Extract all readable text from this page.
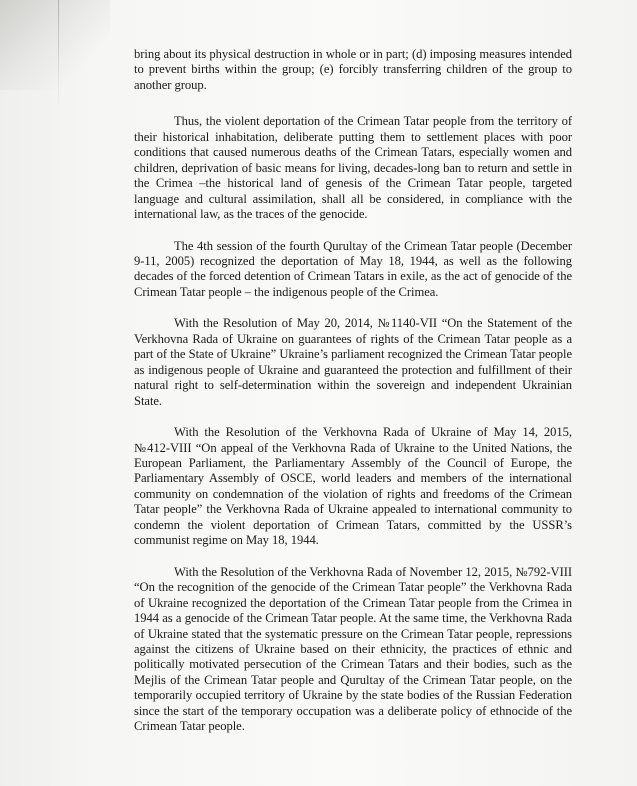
bring about its physical destruction in whole or in part; (d) imposing measures intended to prevent births within the group; (e) forcibly transferring children of the group to another group.

Thus, the violent deportation of the Crimean Tatar people from the territory of their historical inhabitation, deliberate putting them to settlement places with poor conditions that caused numerous deaths of the Crimean Tatars, especially women and children, deprivation of basic means for living, decades-long ban to return and settle in the Crimea –the historical land of genesis of the Crimean Tatar people, targeted language and cultural assimilation, shall all be considered, in compliance with the international law, as the traces of the genocide.

The 4th session of the fourth Qurultay of the Crimean Tatar people (December 9-11, 2005) recognized the deportation of May 18, 1944, as well as the following decades of the forced detention of Crimean Tatars in exile, as the act of genocide of the Crimean Tatar people – the indigenous people of the Crimea.

With the Resolution of May 20, 2014, №1140-VII “On the Statement of the Verkhovna Rada of Ukraine on guarantees of rights of the Crimean Tatar people as a part of the State of Ukraine” Ukraine’s parliament recognized the Crimean Tatar people as indigenous people of Ukraine and guaranteed the protection and fulfillment of their natural right to self-determination within the sovereign and independent Ukrainian State.

With the Resolution of the Verkhovna Rada of Ukraine of May 14, 2015, №412-VIII “On appeal of the Verkhovna Rada of Ukraine to the United Nations, the European Parliament, the Parliamentary Assembly of the Council of Europe, the Parliamentary Assembly of OSCE, world leaders and members of the international community on condemnation of the violation of rights and freedoms of the Crimean Tatar people” the Verkhovna Rada of Ukraine appealed to international community to condemn the violent deportation of Crimean Tatars, committed by the USSR’s communist regime on May 18, 1944.

With the Resolution of the Verkhovna Rada of November 12, 2015, №792-VIII “On the recognition of the genocide of the Crimean Tatar people” the Verkhovna Rada of Ukraine recognized the deportation of the Crimean Tatar people from the Crimea in 1944 as a genocide of the Crimean Tatar people. At the same time, the Verkhovna Rada of Ukraine stated that the systematic pressure on the Crimean Tatar people, repressions against the citizens of Ukraine based on their ethnicity, the practices of ethnic and politically motivated persecution of the Crimean Tatars and their bodies, such as the Mejlis of the Crimean Tatar people and Qurultay of the Crimean Tatar people, on the temporarily occupied territory of Ukraine by the state bodies of the Russian Federation since the start of the temporary occupation was a deliberate policy of ethnocide of the Crimean Tatar people.
